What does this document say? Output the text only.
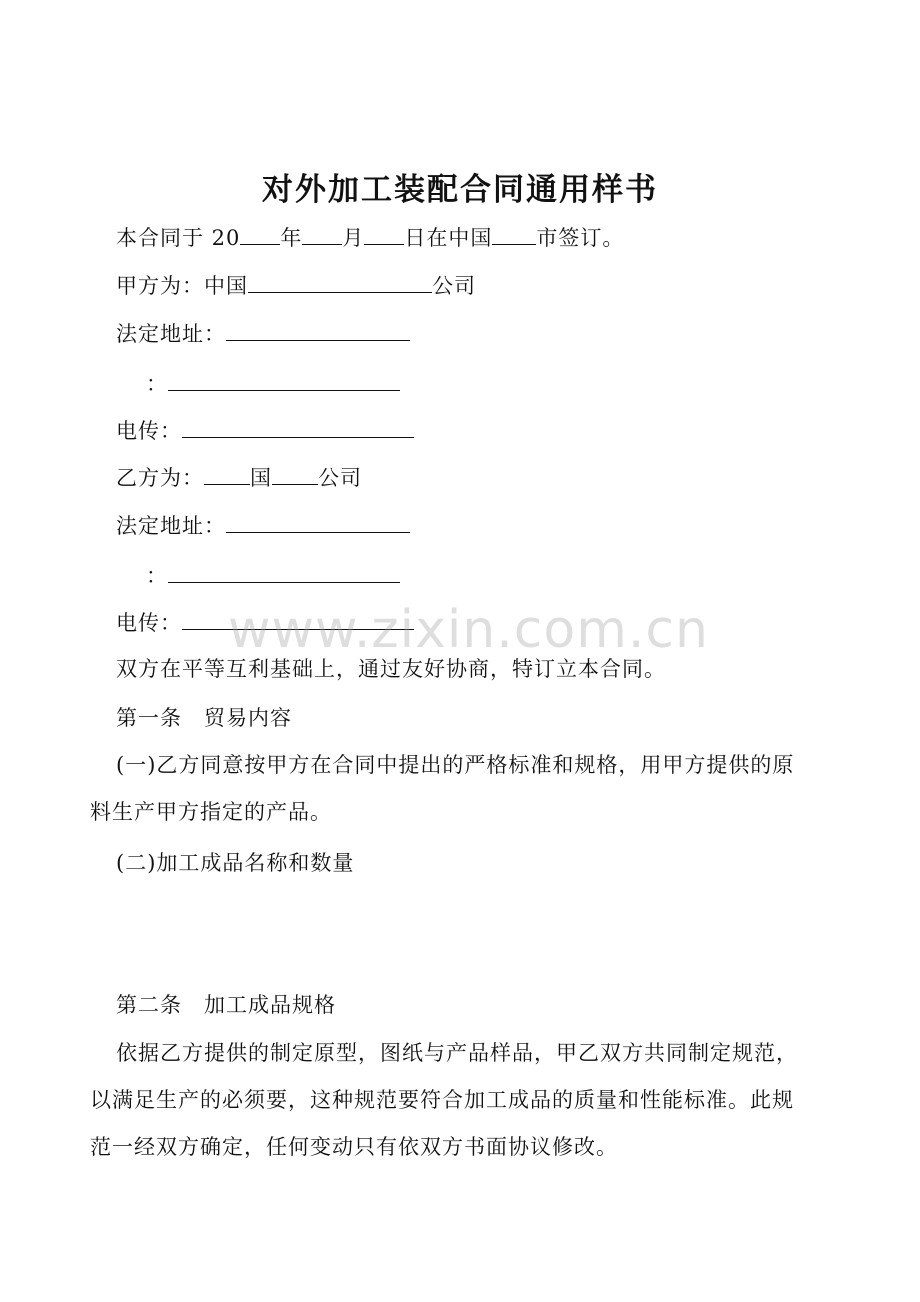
对外加工装配合同通用样书
本合同于 20 年 月 日在中国 市签订。
甲方为：中国	公司
法定地址：
：
电传：
乙方为： 国 公司
法定地址：
：
电传：
双方在平等互利基础上，通过友好协商，特订立本合同。
第一条　贸易内容
(一)乙方同意按甲方在合同中提出的严格标准和规格，用甲方提供的原
料生产甲方指定的产品。
(二)加工成品名称和数量
第二条　加工成品规格
依据乙方提供的制定原型，图纸与产品样品，甲乙双方共同制定规范，
以满足生产的必须要，这种规范要符合加工成品的质量和性能标准。此规
范一经双方确定，任何变动只有依双方书面协议修改。
www.zixin.com.cn
